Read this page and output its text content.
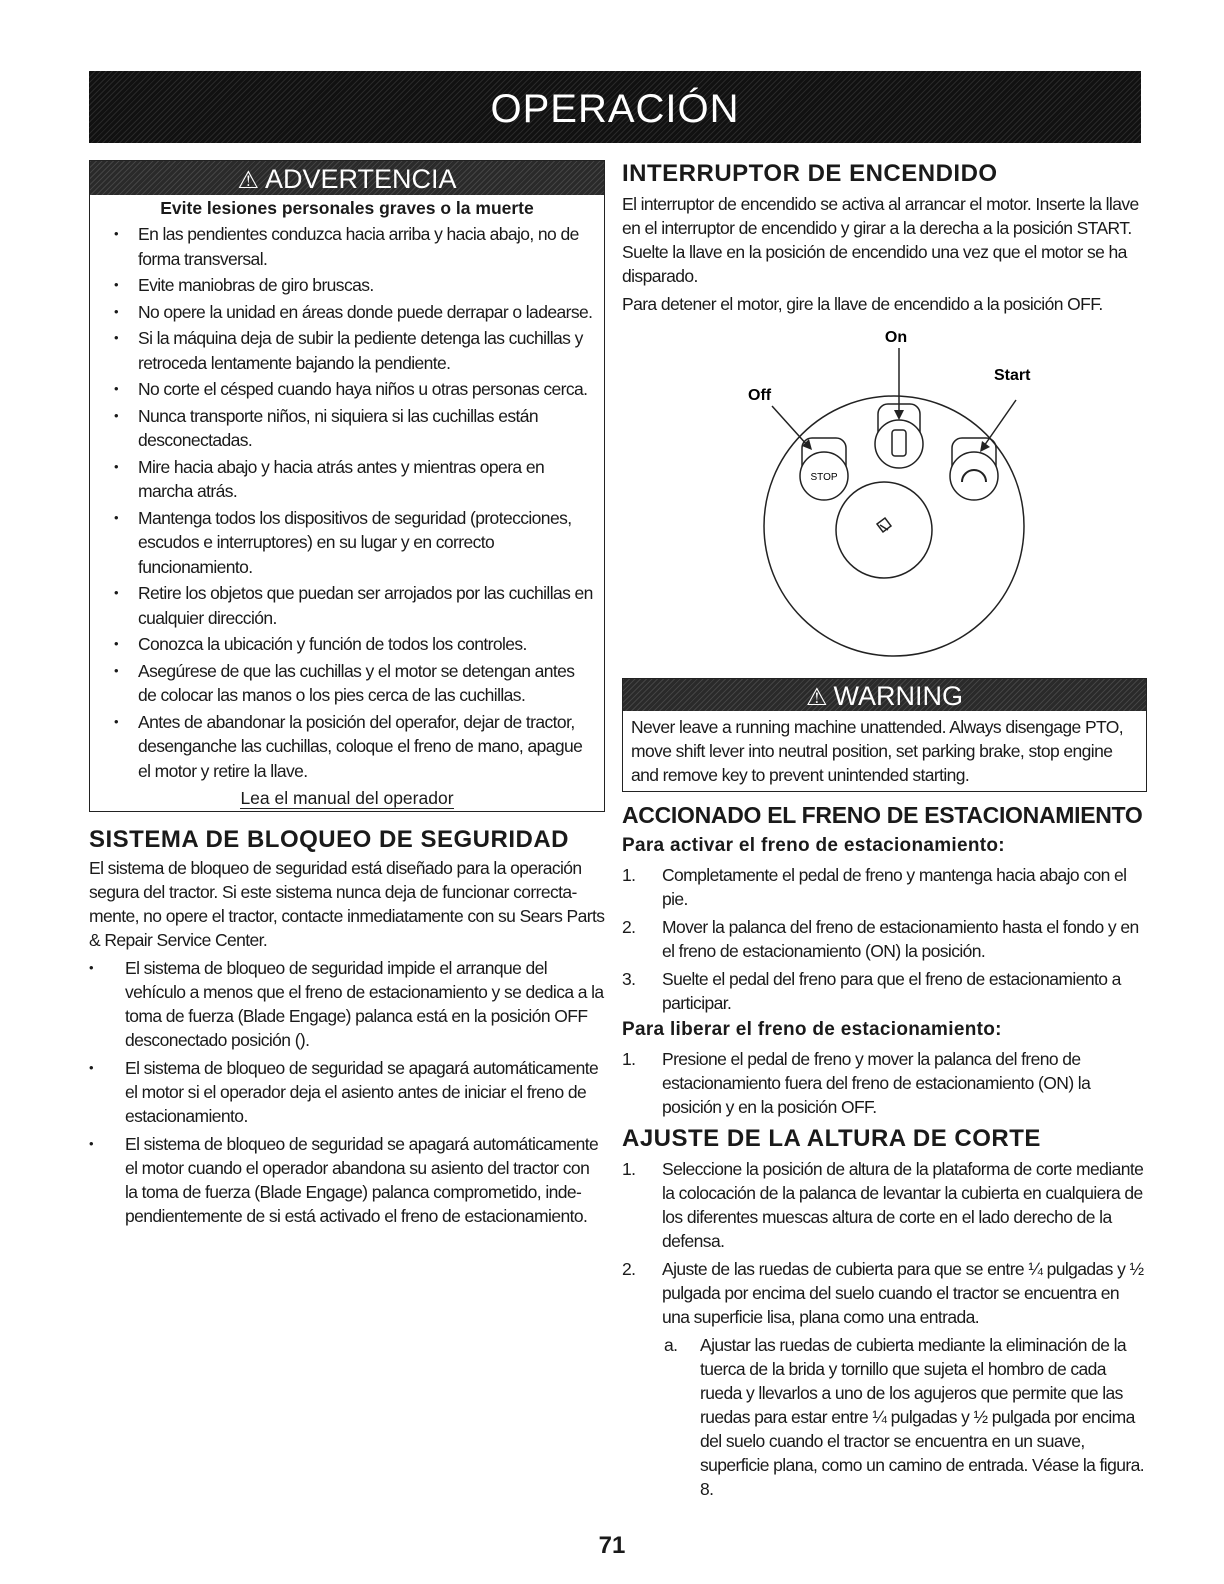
OPERACIÓN
⚠ ADVERTENCIA
Evite lesiones personales graves o la muerte
• En las pendientes conduzca hacia arriba y hacia abajo, no de forma transversal.
• Evite maniobras de giro bruscas.
• No opere la unidad en áreas donde puede derrapar o ladearse.
• Si la máquina deja de subir la pediente detenga las cuchillas y retroceda lentamente bajando la pendiente.
• No corte el césped cuando haya niños u otras personas cerca.
• Nunca transporte niños, ni siquiera si las cuchillas están desconectadas.
• Mire hacia abajo y hacia atrás antes y mientras opera en marcha atrás.
• Mantenga todos los dispositivos de seguridad (protecciones, escudos e interruptores) en su lugar y en correcto funcionamiento.
• Retire los objetos que puedan ser arrojados por las cuchillas en cualquier dirección.
• Conozca la ubicación y función de todos los controles.
• Asegúrese de que las cuchillas y el motor se detengan antes de colocar las manos o los pies cerca de las cuchillas.
• Antes de abandonar la posición del operafor, dejar de tractor, desenganche las cuchillas, coloque el freno de mano, apague el motor y retire la llave.
Lea el manual del operador
SISTEMA DE BLOQUEO DE SEGURIDAD

El sistema de bloqueo de seguridad está diseñado para la operación segura del tractor. Si este sistema nunca deja de funcionar correcta-mente, no opere el tractor, contacte inmediatamente con su Sears Parts & Repair Service Center.

• El sistema de bloqueo de seguridad impide el arranque del vehículo a menos que el freno de estacionamiento y se dedica a la toma de fuerza (Blade Engage) palanca está en la posición OFF desconectado posición ().
• El sistema de bloqueo de seguridad se apagará automáticamente el motor si el operador deja el asiento antes de iniciar el freno de estacionamiento.
• El sistema de bloqueo de seguridad se apagará automáticamente el motor cuando el operador abandona su asiento del tractor con la toma de fuerza (Blade Engage) palanca comprometido, inde-pendientemente de si está activado el freno de estacionamiento.
INTERRUPTOR DE ENCENDIDO

El interruptor de encendido se activa al arrancar el motor. Inserte la llave en el interruptor de encendido y girar a la derecha a la posición START. Suelte la llave en la posición de encendido una vez que el motor se ha disparado.

Para detener el motor, gire la llave de encendido a la posición OFF.

STOP
On
Off
Start
⚠ WARNING

Never leave a running machine unattended. Always disengage PTO, move shift lever into neutral position, set parking brake, stop engine and remove key to prevent unintended starting.

ACCIONADO EL FRENO DE ESTACIONAMIENTO
Para activar el freno de estacionamiento:
1. Completamente el pedal de freno y mantenga hacia abajo con el pie.
2. Mover la palanca del freno de estacionamiento hasta el fondo y en el freno de estacionamiento (ON) la posición.
3. Suelte el pedal del freno para que el freno de estacionamiento a participar.
Para liberar el freno de estacionamiento:
1. Presione el pedal de freno y mover la palanca del freno de estacionamiento fuera del freno de estacionamiento (ON) la posición y en la posición OFF.
AJUSTE DE LA ALTURA DE CORTE
1. Seleccione la posición de altura de la plataforma de corte mediante la colocación de la palanca de levantar la cubierta en cualquiera de los diferentes muescas altura de corte en el lado derecho de la defensa.
2. Ajuste de las ruedas de cubierta para que se entre ¼ pulgadas y ½ pulgada por encima del suelo cuando el tractor se encuentra en una superficie lisa, plana como una entrada.
a. Ajustar las ruedas de cubierta mediante la eliminación de la tuerca de la brida y tornillo que sujeta el hombro de cada rueda y llevarlos a uno de los agujeros que permite que las ruedas para estar entre ¼ pulgadas y ½ pulgada por encima del suelo cuando el tractor se encuentra en un suave, superficie plana, como un camino de entrada. Véase la figura. 8.
71
